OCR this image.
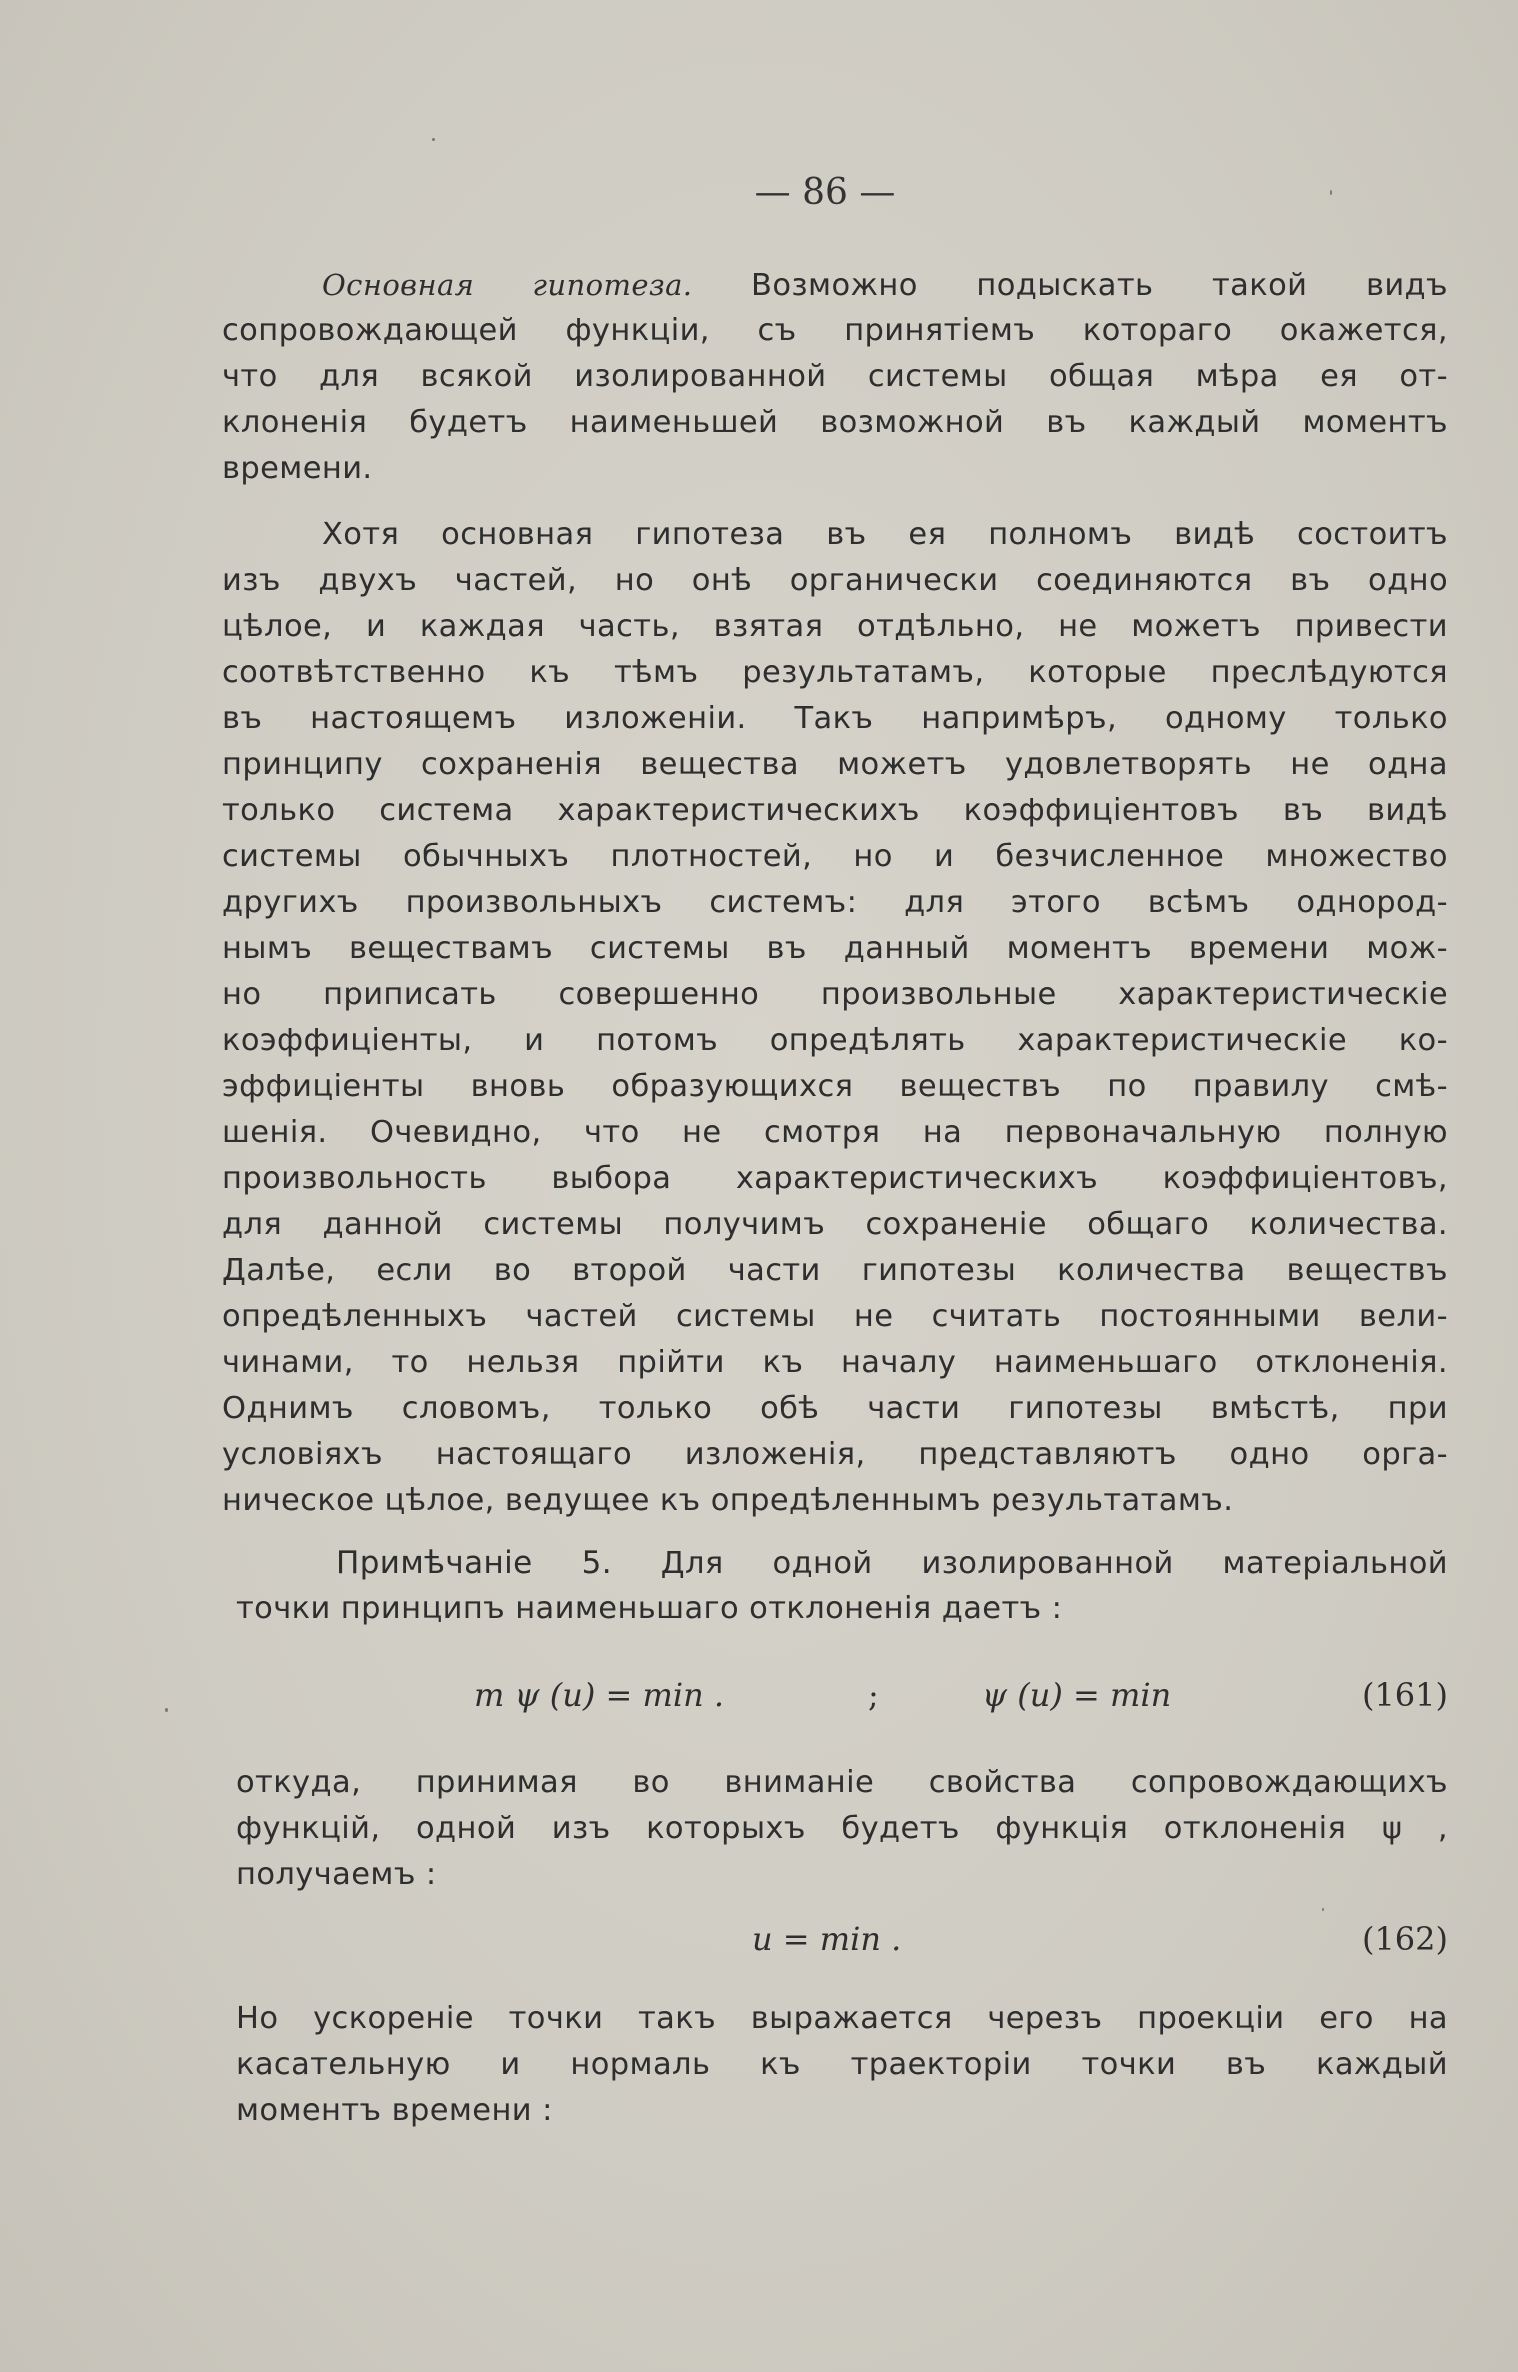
— 86 —
Основная гипотеза. Возможно подыскать такой видъ
сопровождающей функціи, съ принятіемъ котораго окажется,
что для всякой изолированной системы общая мѣра ея от-
клоненія будетъ наименьшей возможной въ каждый моментъ
времени.
Хотя основная гипотеза въ ея полномъ видѣ состоитъ
изъ двухъ частей, но онѣ органически соединяются въ одно
цѣлое, и каждая часть, взятая отдѣльно, не можетъ привести
соотвѣтственно къ тѣмъ результатамъ, которые преслѣдуются
въ настоящемъ изложеніи. Такъ напримѣръ, одному только
принципу сохраненія вещества можетъ удовлетворять не одна
только система характеристическихъ коэффиціентовъ въ видѣ
системы обычныхъ плотностей, но и безчисленное множество
другихъ произвольныхъ системъ: для этого всѣмъ однород-
нымъ веществамъ системы въ данный моментъ времени мож-
но приписать совершенно произвольные характеристическіе
коэффиціенты, и потомъ опредѣлять характеристическіе ко-
эффиціенты вновь образующихся веществъ по правилу смѣ-
шенія. Очевидно, что не смотря на первоначальную полную
произвольность выбора характеристическихъ коэффиціентовъ,
для данной системы получимъ сохраненіе общаго количества.
Далѣе, если во второй части гипотезы количества веществъ
опредѣленныхъ частей системы не считать постоянными вели-
чинами, то нельзя прійти къ началу наименьшаго отклоненія.
Однимъ словомъ, только обѣ части гипотезы вмѣстѣ, при
условіяхъ настоящаго изложенія, представляютъ одно орга-
ническое цѣлое, ведущее къ опредѣленнымъ результатамъ.
Примѣчаніе 5. Для одной изолированной матеріальной
точки принципъ наименьшаго отклоненія даетъ :
m ψ (u) = min .	;	ψ (u) = min	(161)
откуда, принимая во вниманіе свойства сопровождающихъ
функцій, одной изъ которыхъ будетъ функція отклоненія ψ ,
получаемъ :
u = min .	(162)
Но ускореніе точки такъ выражается черезъ проекціи его на
касательную и нормаль къ траекторіи точки въ каждый
моментъ времени :
